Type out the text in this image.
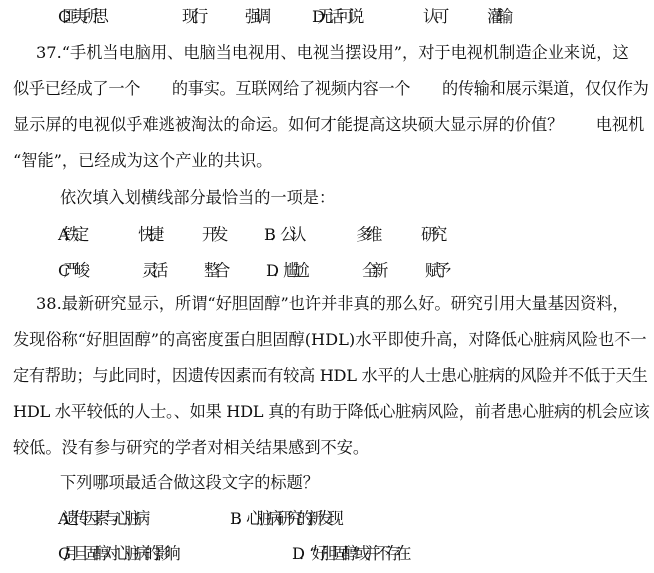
C. 匪夷所思	现行	强调	D.无话可说	认可	灌输
37.“手机当电脑用、电脑当电视用、电视当摆设用”，对于电视机制造企业来说，这
似乎已经成了一个　　的事实。互联网给了视频内容一个　　的传输和展示渠道，仅仅作为
显示屏的电视似乎难逃被淘汰的命运。如何才能提高这块硕大显示屏的价值？　　电视机
“智能”，已经成为这个产业的共识。
依次填入划横线部分最恰当的一项是：
A.铁定	快捷	开发	B．公认	多维	研究
C 严峻	灵活	整合	D．尴尬	全新	赋予
38.最新研究显示，所谓“好胆固醇”也许并非真的那么好。研究引用大量基因资料，
发现俗称“好胆固醇”的高密度蛋白胆固醇(HDL)水平即使升高，对降低心脏病风险也不一
定有帮助；与此同时，因遗传因素而有较高 HDL 水平的人士患心脏病的风险并不低于天生
HDL 水平较低的人士。、如果 HDL 真的有助于降低心脏病风险，前者患心脏病的机会应该
较低。没有参与研究的学者对相关结果感到不安。
下列哪项最适合做这段文字的标题？
A.遗传因素与心脏病	B．心脏病研究的新发现
G / 月旦固醇对心脏病的影响	D．“好胆固醇”或并不存在
